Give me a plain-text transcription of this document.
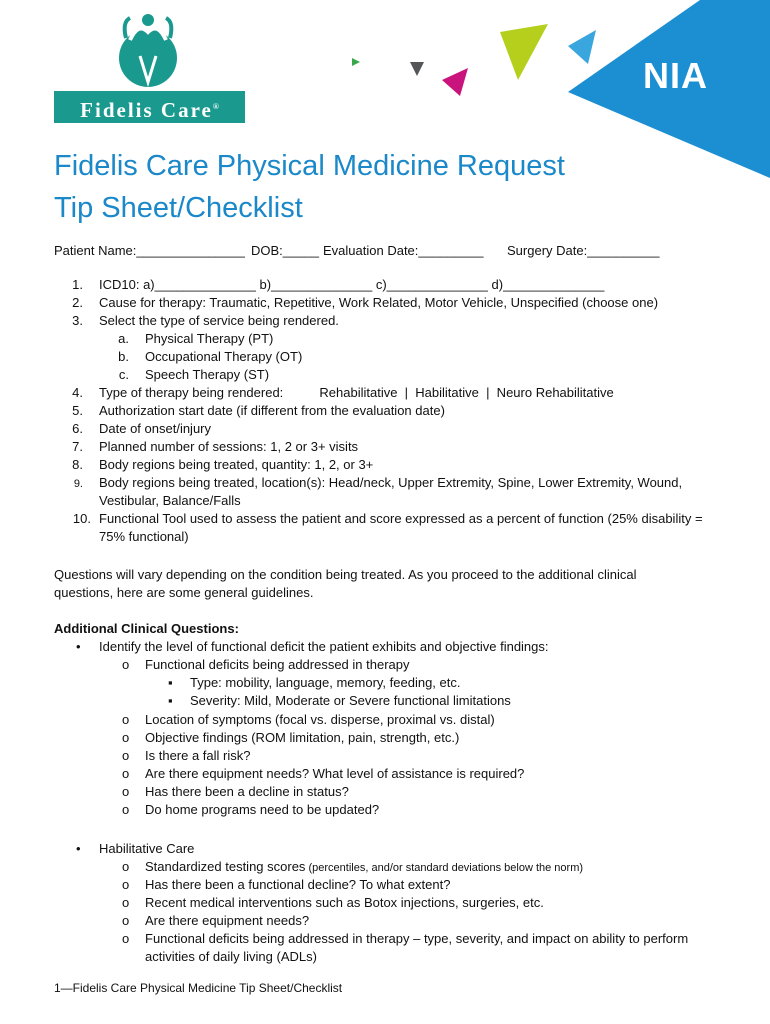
Fidelis Care®
NIA
Fidelis Care Physical Medicine Request
Tip Sheet/Checklist
Patient Name:_______________ DOB:_____ Evaluation Date:_________ Surgery Date:__________
1. ICD10: a)______________ b)______________ c)______________ d)______________
2. Cause for therapy: Traumatic, Repetitive, Work Related, Motor Vehicle, Unspecified (choose one)
3. Select the type of service being rendered.
a. Physical Therapy (PT)
b. Occupational Therapy (OT)
c. Speech Therapy (ST)
4. Type of therapy being rendered:          Rehabilitative  |  Habilitative  |  Neuro Rehabilitative
5. Authorization start date (if different from the evaluation date)
6. Date of onset/injury
7. Planned number of sessions: 1, 2 or 3+ visits
8. Body regions being treated, quantity: 1, 2, or 3+
9. Body regions being treated, location(s): Head/neck, Upper Extremity, Spine, Lower Extremity, Wound,
Vestibular, Balance/Falls
10. Functional Tool used to assess the patient and score expressed as a percent of function (25% disability =
75% functional)
Questions will vary depending on the condition being treated. As you proceed to the additional clinical
questions, here are some general guidelines.
Additional Clinical Questions:
• Identify the level of functional deficit the patient exhibits and objective findings:
o Functional deficits being addressed in therapy
▪ Type: mobility, language, memory, feeding, etc.
▪ Severity: Mild, Moderate or Severe functional limitations
o Location of symptoms (focal vs. disperse, proximal vs. distal)
o Objective findings (ROM limitation, pain, strength, etc.)
o Is there a fall risk?
o Are there equipment needs? What level of assistance is required?
o Has there been a decline in status?
o Do home programs need to be updated?
• Habilitative Care
o Standardized testing scores (percentiles, and/or standard deviations below the norm)
o Has there been a functional decline? To what extent?
o Recent medical interventions such as Botox injections, surgeries, etc.
o Are there equipment needs?
o Functional deficits being addressed in therapy – type, severity, and impact on ability to perform
activities of daily living (ADLs)
1—Fidelis Care Physical Medicine Tip Sheet/Checklist
